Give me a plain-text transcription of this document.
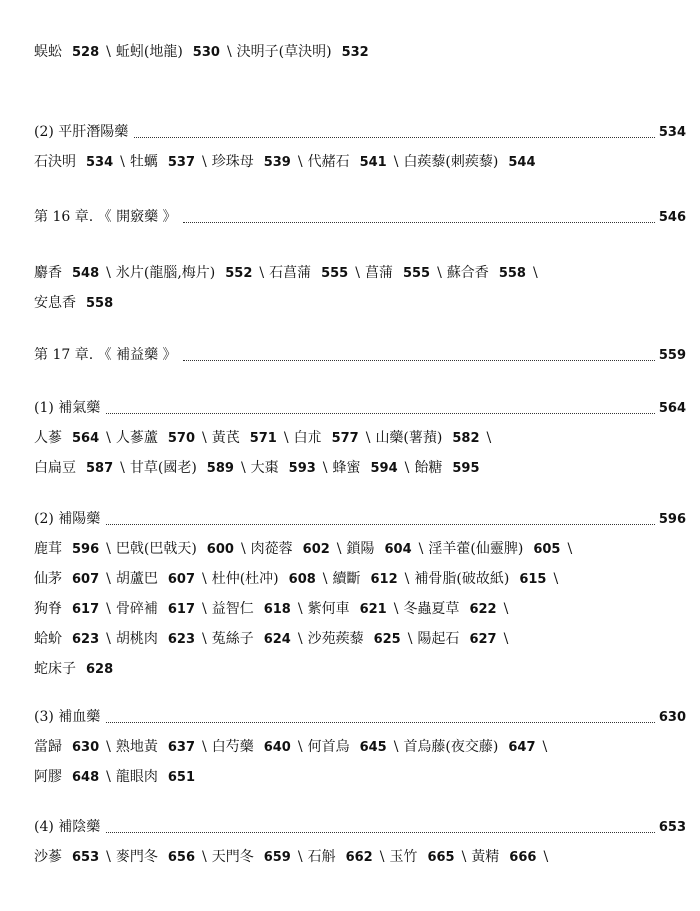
蜈蚣 528 \ 蚯蚓(地龍) 530 \ 決明子(草決明) 532
(2) 平肝潛陽藥	534
石決明 534 \ 牡蠣 537 \ 珍珠母 539 \ 代赭石 541 \ 白蒺藜(刺蒺藜) 544
第 16 章. 《 開竅藥 》	546
麝香 548 \ 氷片(龍腦,梅片) 552 \ 石菖蒲 555 \ 菖蒲 555 \ 蘇合香 558 \
安息香 558
第 17 章. 《 補益藥 》	559
(1) 補氣藥	564
人蔘 564 \ 人蔘蘆 570 \ 黃芪 571 \ 白朮 577 \ 山藥(薯蕷) 582 \
白扁豆 587 \ 甘草(國老) 589 \ 大棗 593 \ 蜂蜜 594 \ 飴糖 595
(2) 補陽藥	596
鹿茸 596 \ 巴戟(巴戟天) 600 \ 肉蓯蓉 602 \ 鎖陽 604 \ 淫羊藿(仙靈脾) 605 \
仙茅 607 \ 胡蘆巴 607 \ 杜仲(杜冲) 608 \ 續斷 612 \ 補骨脂(破故紙) 615 \
狗脊 617 \ 骨碎補 617 \ 益智仁 618 \ 紫何車 621 \ 冬蟲夏草 622 \
蛤蚧 623 \ 胡桃肉 623 \ 菟絲子 624 \ 沙苑蒺藜 625 \ 陽起石 627 \
蛇床子 628
(3) 補血藥	630
當歸 630 \ 熟地黃 637 \ 白芍藥 640 \ 何首烏 645 \ 首烏藤(夜交藤) 647 \
阿膠 648 \ 龍眼肉 651
(4) 補陰藥	653
沙蔘 653 \ 麥門冬 656 \ 天門冬 659 \ 石斛 662 \ 玉竹 665 \ 黃精 666 \
